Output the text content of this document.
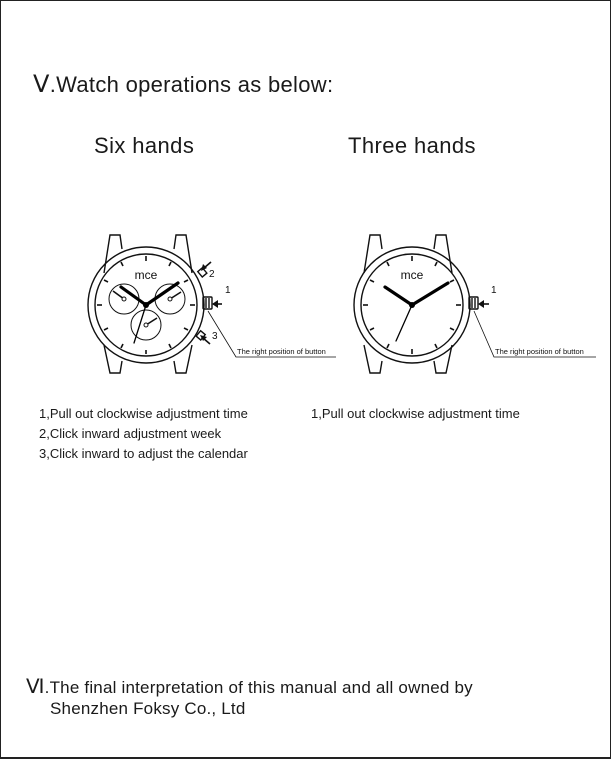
Ⅴ.Watch operations as below:
Six hands	Three hands
mce	2
1
3
The right position of button
mce
1
The right position of button
1,Pull out clockwise adjustment time
2,Click inward adjustment week
3,Click inward to adjust the calendar
1,Pull out clockwise adjustment time
Ⅵ.The final interpretation of this manual and all owned by
Shenzhen Foksy Co., Ltd
